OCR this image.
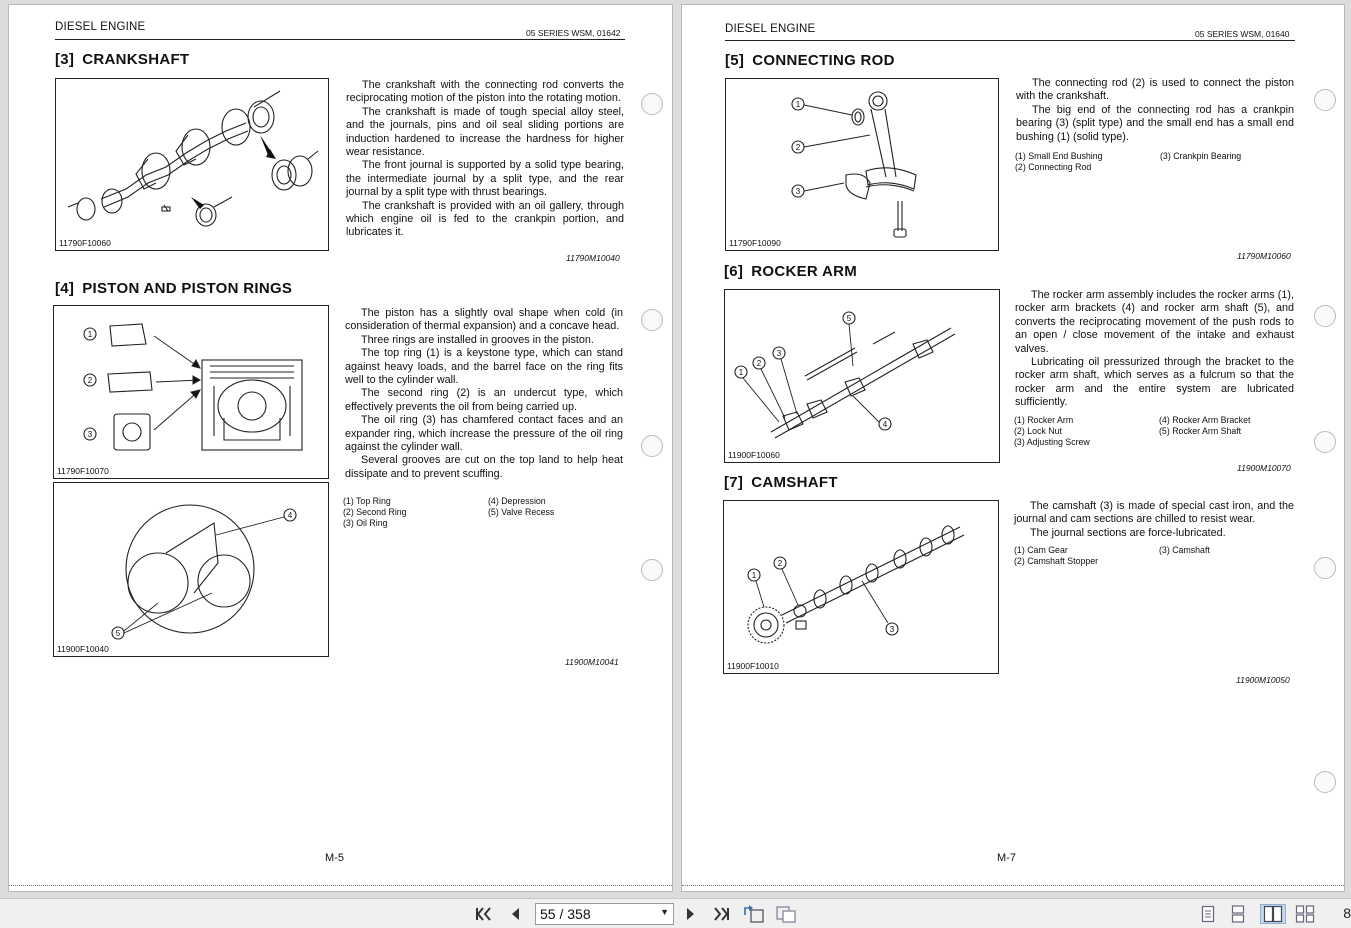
DIESEL ENGINE	05 SERIES WSM, 01642
[3] CRANKSHAFT
11790F10060

The crankshaft with the connecting rod converts the reciprocating motion of the piston into the rotating motion.

The crankshaft is made of tough special alloy steel, and the journals, pins and oil seal sliding portions are induction hardened to increase the hardness for higher wear resistance.

The front journal is supported by a solid type bearing, the intermediate journal by a split type, and the rear journal by a split type with thrust bearings.

The crankshaft is provided with an oil gallery, through which engine oil is fed to the crankpin portion, and lubricates it.

11790M10040
[4] PISTON AND PISTON RINGS
1
2
3
11790F10070
4
5
11900F10040

The piston has a slightly oval shape when cold (in consideration of thermal expansion) and a concave head.

Three rings are installed in grooves in the piston.

The top ring (1) is a keystone type, which can stand against heavy loads, and the barrel face on the ring fits well to the cylinder wall.

The second ring (2) is an undercut type, which effectively prevents the oil from being carried up.

The oil ring (3) has chamfered contact faces and an expander ring, which increase the pressure of the oil ring against the cylinder wall.

Several grooves are cut on the top land to help heat dissipate and to prevent scuffing.

(1) Top Ring	(4) Depression
(2) Second Ring	(5) Valve Recess
(3) Oil Ring
11900M10041
M-5
DIESEL ENGINE	05 SERIES WSM, 01640
[5] CONNECTING ROD
1
2
3
11790F10090

The connecting rod (2) is used to connect the piston with the crankshaft.

The big end of the connecting rod has a crankpin bearing (3) (split type) and the small end has a small end bushing (1) (solid type).

(1) Small End Bushing	(3) Crankpin Bearing
(2) Connecting Rod
11790M10060
[6] ROCKER ARM
1
2
3
4
5
11900F10060

The rocker arm assembly includes the rocker arms (1), rocker arm brackets (4) and rocker arm shaft (5), and converts the reciprocating movement of the push rods to an open / close movement of the intake and exhaust valves.

Lubricating oil pressurized through the bracket to the rocker arm shaft, which serves as a fulcrum so that the rocker arm and the entire system are lubricated sufficiently.

(1) Rocker Arm	(4) Rocker Arm Bracket
(2) Lock Nut	(5) Rocker Arm Shaft
(3) Adjusting Screw
11900M10070
[7] CAMSHAFT
1
2
3
11900F10010

The camshaft (3) is made of special cast iron, and the journal and cam sections are chilled to resist wear.

The journal sections are force-lubricated.

(1) Cam Gear	(3) Camshaft
(2) Camshaft Stopper
11900M10050
M-7
55 / 358	▼	8
